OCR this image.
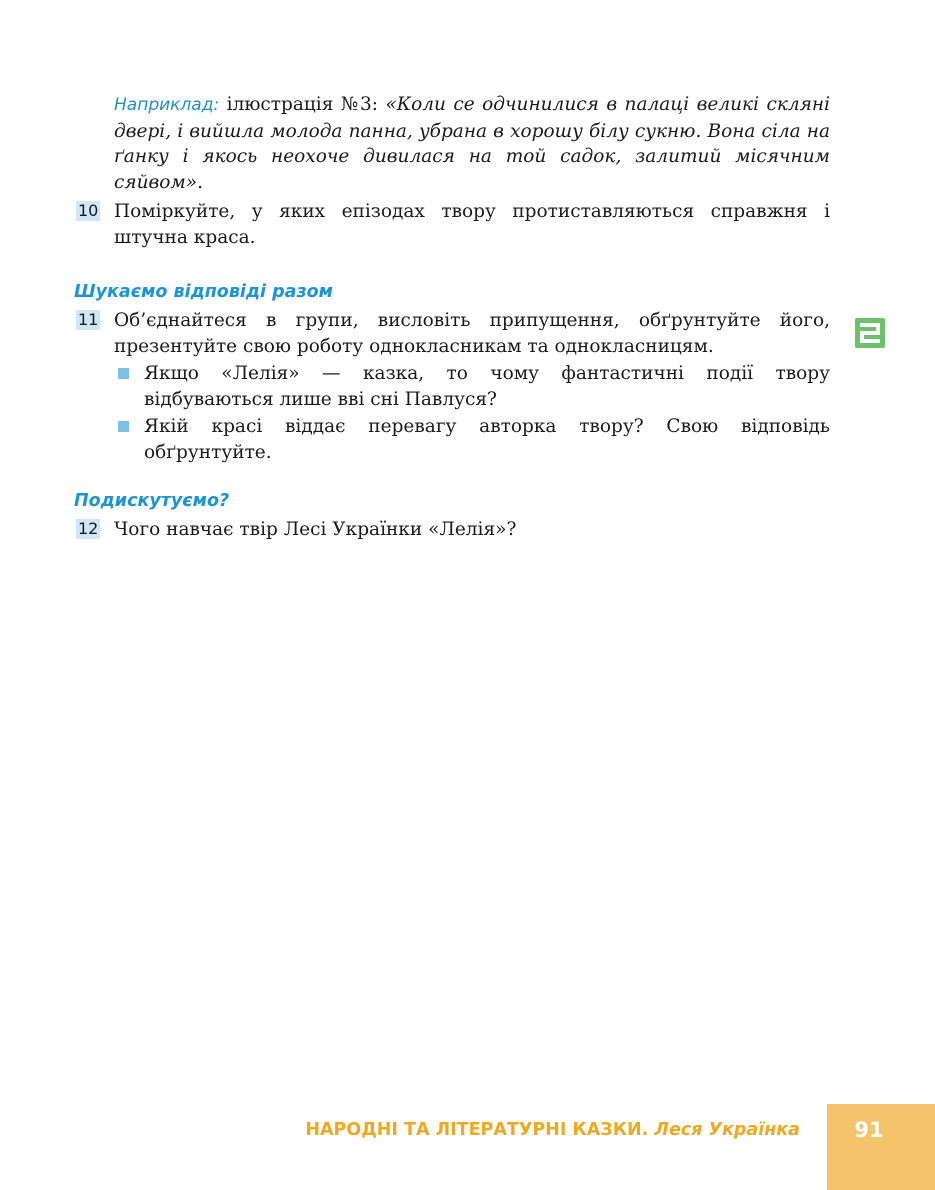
Наприклад: ілюстрація №3: «Коли се одчинилися в палаці великі скляні двері, і вийшла молода панна, убрана в хорошу білу сукню. Вона сіла на ґанку і якось неохоче дивилася на той садок, залитий місячним сяйвом».

10 Поміркуйте, у яких епізодах твору протиставляються справжня і штучна краса.

Шукаємо відповіді разом
11 Об’єднайтеся в групи, висловіть припущення, обґрунтуйте його, презентуйте свою роботу однокласникам та однокласницям.

Якщо «Лелія» — казка, то чому фантастичні події твору відбуваються лише вві сні Павлуся?

Якій красі віддає перевагу авторка твору? Свою відповідь обґрунтуйте.

Подискутуємо?
12 Чого навчає твір Лесі Українки «Лелія»?

НАРОДНІ ТА ЛІТЕРАТУРНІ КАЗКИ. Леся Українка	91
